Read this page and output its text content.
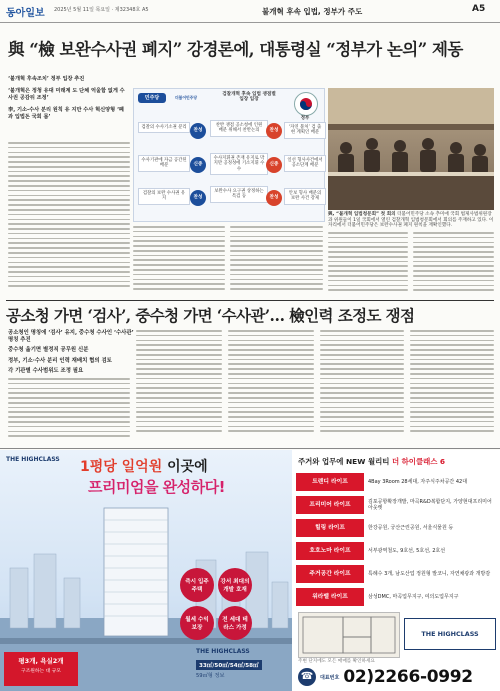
동아일보 2025년 5월 11일 목요일 · 제32348호 A5	불개혁 후속 입법, 정부가 주도	A5
與 “檢 보완수사권 폐지” 강경론에, 대통령실 “정부가 논의” 제동
‘불개혁 후속조치’ 정부 입장 추진
‘불개혁은 정청 유대 미래계 도 단체 억울함 없게 수사권 공감뒤 조정’
李, 기소-수사 분리 원칙 유 지만 수사 혁신양형 ‘폐과 입법돈 국회 몸’
민주당	더불어민주당
검찰개혁 후속 입법 쟁점별 입장 입장
정부
검찰의 수사기소권 분리
찬성
찬반 쟁점 공소청에 인원 배분 위해서 찬반논의	찬성
‘자연 불처’ 검 출 현 계획인 배분
수사기관에 자금 공간된 배분	신중
수사지휘권 존재 유지로 막지만 공정성에 기소지휘 수수
신중
일선 형사사건에서 공소단계 배분
검찰의 보완 수사권 유지	찬성
보완수사 요구권 상정하는 특검 등	찬성
안보 형사 배분의 보완 사건 강제
與, “불개혁 입법청문회” 첫 회의 더불어민주당 소속 추미애 국회 법제사법위원장과 위원들이 1일 국회에서 열린 검찰개혁 입법청문회에서 회의를 주재하고 있다. 이 자리에서 더불어민주당은 보완수사권 폐지 원칙을 재확인했다.
공소청 가면 ‘검사’, 중수청 가면 ‘수사관’… 檢인력 조정도 쟁점
공소청인 명칭에 ‘검사’ 유지, 중수청 수사인 ‘수사관’ 명칭 추진
중수청 옮기면 별정직 공무원 신분
정부, 기소·수사 분리 인력 재배치 협의 검토
각 기관별 수사범위도 조정 필요
THE HIGHCLASS 1평당 일억원 이곳에
프리미엄을 완성하다!
즉시 입주 주택
강서 최대의 개발 호재
월세 수익 보장
전 세대 테라스 가정
평3개, 욕실2개
구조원하는 대 규모
THE HIGHCLASS
33㎡/50㎡/54㎡/58㎡
59㎡형 정보
주거와 업무에 NEW 월리티 더 하이클래스 6
트렌디 라이프	4Bay 3Room 28세대, 자주식주차공간 42대
프리미어 라이프	김포공항확장개발, 마곡R&D복합단지, 가양현대프리미어아웃렛
힐링 라이프	한강공원, 궁산근린공원, 서울식물원 등
호호노마 라이프	서부광역철도, 9호선, 5호선, 2호선
주거공간 라이프	특례수 3개, 남도산업 정원형 발코니, 자연채광과 개방감
워라밸 라이프	삼성DMC, 마곡업무지구, 여의도업무지구
THE HIGHCLASS
주변 단지에도 모든 매매를 확인하세요
☎	대표번호 02)2266-0992
